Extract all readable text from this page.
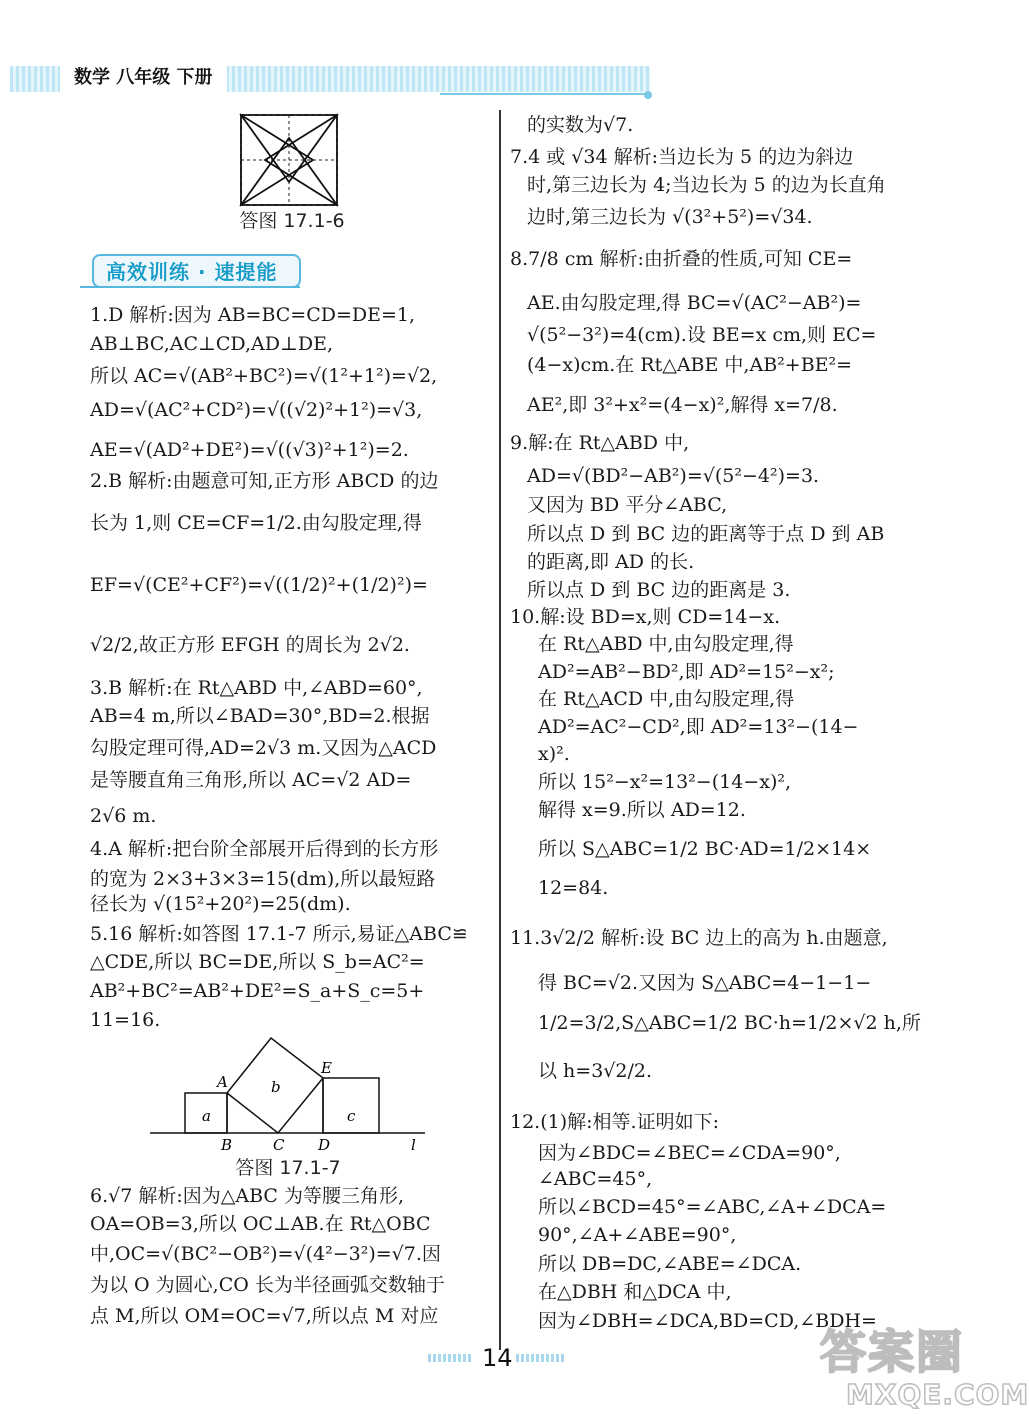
数学 八年级 下册
答图 17.1-6
高效训练 · 速提能
1.D 解析:因为 AB=BC=CD=DE=1,
AB⊥BC,AC⊥CD,AD⊥DE,
所以 AC=√(AB²+BC²)=√(1²+1²)=√2,
AD=√(AC²+CD²)=√((√2)²+1²)=√3,
AE=√(AD²+DE²)=√((√3)²+1²)=2.
2.B 解析:由题意可知,正方形 ABCD 的边
长为 1,则 CE=CF=1/2.由勾股定理,得
EF=√(CE²+CF²)=√((1/2)²+(1/2)²)=
√2/2,故正方形 EFGH 的周长为 2√2.
3.B 解析:在 Rt△ABD 中,∠ABD=60°,
AB=4 m,所以∠BAD=30°,BD=2.根据
勾股定理可得,AD=2√3 m.又因为△ACD
是等腰直角三角形,所以 AC=√2 AD=
2√6 m.
4.A 解析:把台阶全部展开后得到的长方形
的宽为 2×3+3×3=15(dm),所以最短路
径长为 √(15²+20²)=25(dm).
5.16 解析:如答图 17.1-7 所示,易证△ABC≌
△CDE,所以 BC=DE,所以 S_b=AC²=
AB²+BC²=AB²+DE²=S_a+S_c=5+
11=16.
6.√7 解析:因为△ABC 为等腰三角形,
OA=OB=3,所以 OC⊥AB.在 Rt△OBC
中,OC=√(BC²−OB²)=√(4²−3²)=√7.因
为以 O 为圆心,CO 长为半径画弧交数轴于
点 M,所以 OM=OC=√7,所以点 M 对应
A	b
E
a	c
B	C D	l
答图 17.1-7
的实数为√7.
7.4 或 √34 解析:当边长为 5 的边为斜边
时,第三边长为 4;当边长为 5 的边为长直角
边时,第三边长为 √(3²+5²)=√34.
8.7/8 cm 解析:由折叠的性质,可知 CE=
AE.由勾股定理,得 BC=√(AC²−AB²)=
√(5²−3²)=4(cm).设 BE=x cm,则 EC=
(4−x)cm.在 Rt△ABE 中,AB²+BE²=
AE²,即 3²+x²=(4−x)²,解得 x=7/8.
9.解:在 Rt△ABD 中,
AD=√(BD²−AB²)=√(5²−4²)=3.
又因为 BD 平分∠ABC,
所以点 D 到 BC 边的距离等于点 D 到 AB
的距离,即 AD 的长.
所以点 D 到 BC 边的距离是 3.
10.解:设 BD=x,则 CD=14−x.
在 Rt△ABD 中,由勾股定理,得
AD²=AB²−BD²,即 AD²=15²−x²;
在 Rt△ACD 中,由勾股定理,得
AD²=AC²−CD²,即 AD²=13²−(14−
x)².
所以 15²−x²=13²−(14−x)²,
解得 x=9.所以 AD=12.
所以 S△ABC=1/2 BC·AD=1/2×14×
12=84.
11.3√2/2 解析:设 BC 边上的高为 h.由题意,
得 BC=√2.又因为 S△ABC=4−1−1−
1/2=3/2,S△ABC=1/2 BC·h=1/2×√2 h,所
以 h=3√2/2.
12.(1)解:相等.证明如下:
因为∠BDC=∠BEC=∠CDA=90°,
∠ABC=45°,
所以∠BCD=45°=∠ABC,∠A+∠DCA=
90°,∠A+∠ABE=90°,
所以 DB=DC,∠ABE=∠DCA.
在△DBH 和△DCA 中,
因为∠DBH=∠DCA,BD=CD,∠BDH=
14	答案圈
MXQE.COM
